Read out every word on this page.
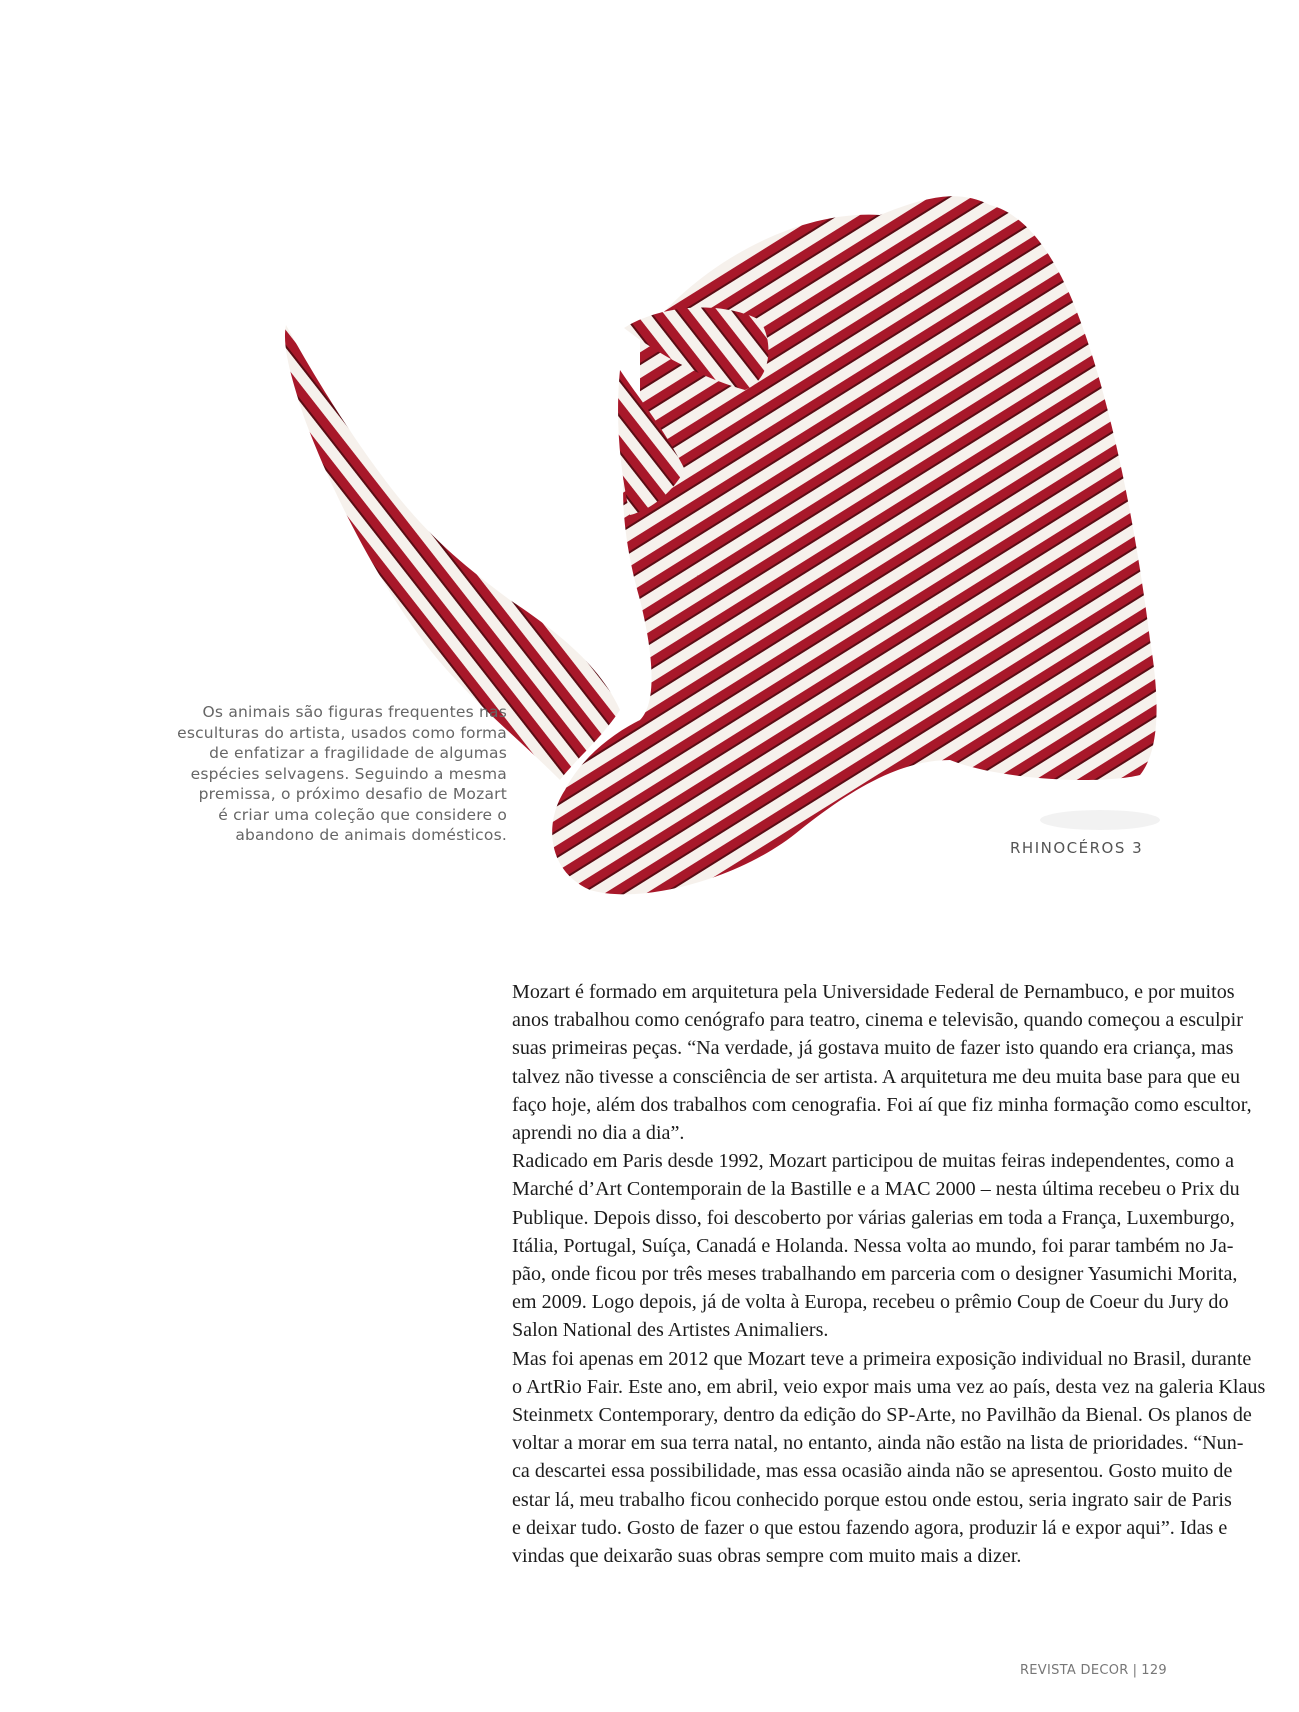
Os animais são figuras frequentes nas
esculturas do artista, usados como forma
de enfatizar a fragilidade de algumas
espécies selvagens. Seguindo a mesma
premissa, o próximo desafio de Mozart
é criar uma coleção que considere o
abandono de animais domésticos.
RHINOCÉROS 3
Mozart é formado em arquitetura pela Universidade Federal de Pernambuco, e por muitos
anos trabalhou como cenógrafo para teatro, cinema e televisão, quando começou a esculpir
suas primeiras peças. “Na verdade, já gostava muito de fazer isto quando era criança, mas
talvez não tivesse a consciência de ser artista. A arquitetura me deu muita base para que eu
faço hoje, além dos trabalhos com cenografia. Foi aí que fiz minha formação como escultor,
aprendi no dia a dia”.
Radicado em Paris desde 1992, Mozart participou de muitas feiras independentes, como a
Marché d’Art Contemporain de la Bastille e a MAC 2000 – nesta última recebeu o Prix du
Publique. Depois disso, foi descoberto por várias galerias em toda a França, Luxemburgo,
Itália, Portugal, Suíça, Canadá e Holanda. Nessa volta ao mundo, foi parar também no Ja-
pão, onde ficou por três meses trabalhando em parceria com o designer Yasumichi Morita,
em 2009. Logo depois, já de volta à Europa, recebeu o prêmio Coup de Coeur du Jury do
Salon National des Artistes Animaliers.
Mas foi apenas em 2012 que Mozart teve a primeira exposição individual no Brasil, durante
o ArtRio Fair. Este ano, em abril, veio expor mais uma vez ao país, desta vez na galeria Klaus
Steinmetx Contemporary, dentro da edição do SP-Arte, no Pavilhão da Bienal. Os planos de
voltar a morar em sua terra natal, no entanto, ainda não estão na lista de prioridades. “Nun-
ca descartei essa possibilidade, mas essa ocasião ainda não se apresentou. Gosto muito de
estar lá, meu trabalho ficou conhecido porque estou onde estou, seria ingrato sair de Paris
e deixar tudo. Gosto de fazer o que estou fazendo agora, produzir lá e expor aqui”. Idas e
vindas que deixarão suas obras sempre com muito mais a dizer.
REVISTA DECOR | 129
